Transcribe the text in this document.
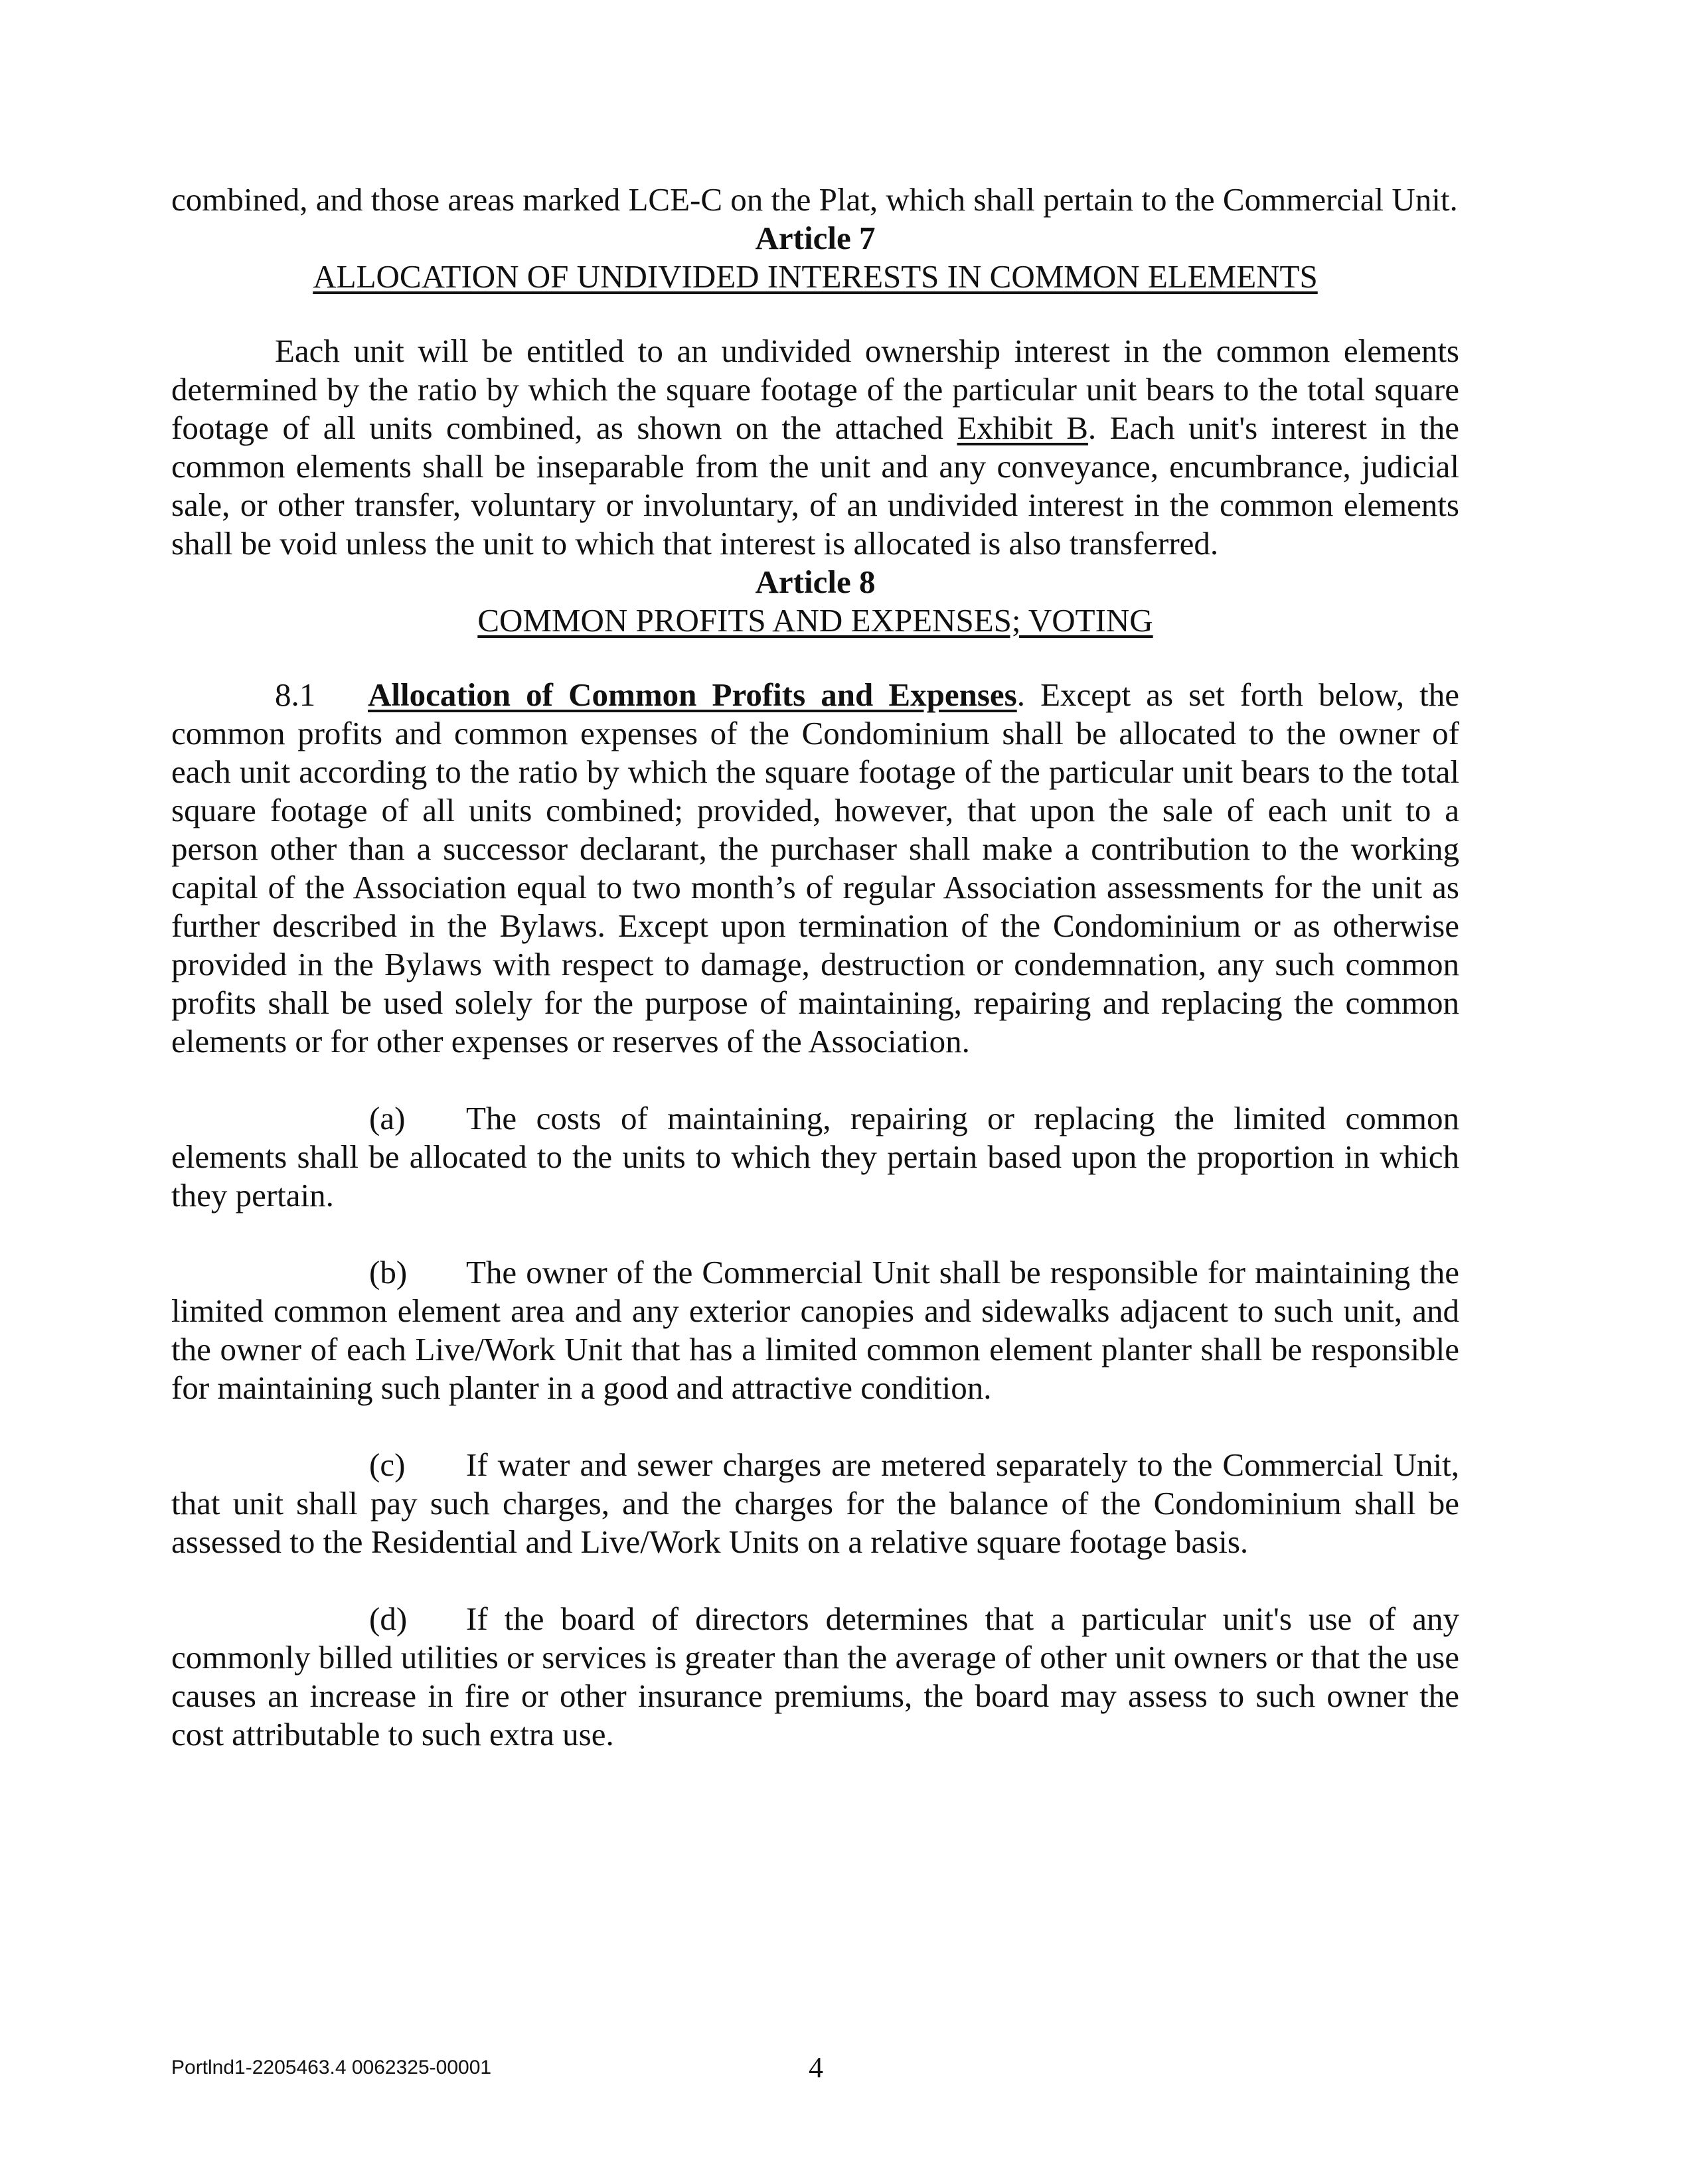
combined, and those areas marked LCE-C on the Plat, which shall pertain to the Commercial Unit.

Article 7

ALLOCATION OF UNDIVIDED INTERESTS IN COMMON ELEMENTS

Each unit will be entitled to an undivided ownership interest in the common elements determined by the ratio by which the square footage of the particular unit bears to the total square footage of all units combined, as shown on the attached Exhibit B. Each unit's interest in the common elements shall be inseparable from the unit and any conveyance, encumbrance, judicial sale, or other transfer, voluntary or involuntary, of an undivided interest in the common elements shall be void unless the unit to which that interest is allocated is also transferred.

Article 8

COMMON PROFITS AND EXPENSES; VOTING

8.1 Allocation of Common Profits and Expenses. Except as set forth below, the common profits and common expenses of the Condominium shall be allocated to the owner of each unit according to the ratio by which the square footage of the particular unit bears to the total square footage of all units combined; provided, however, that upon the sale of each unit to a person other than a successor declarant, the purchaser shall make a contribution to the working capital of the Association equal to two month’s of regular Association assessments for the unit as further described in the Bylaws. Except upon termination of the Condominium or as otherwise provided in the Bylaws with respect to damage, destruction or condemnation, any such common profits shall be used solely for the purpose of maintaining, repairing and replacing the common elements or for other expenses or reserves of the Association.

(a) The costs of maintaining, repairing or replacing the limited common elements shall be allocated to the units to which they pertain based upon the proportion in which they pertain.

(b) The owner of the Commercial Unit shall be responsible for maintaining the limited common element area and any exterior canopies and sidewalks adjacent to such unit, and the owner of each Live/Work Unit that has a limited common element planter shall be responsible for maintaining such planter in a good and attractive condition.

(c) If water and sewer charges are metered separately to the Commercial Unit, that unit shall pay such charges, and the charges for the balance of the Condominium shall be assessed to the Residential and Live/Work Units on a relative square footage basis.

(d) If the board of directors determines that a particular unit's use of any commonly billed utilities or services is greater than the average of other unit owners or that the use causes an increase in fire or other insurance premiums, the board may assess to such owner the cost attributable to such extra use.

Portlnd1-2205463.4 0062325-00001	4
